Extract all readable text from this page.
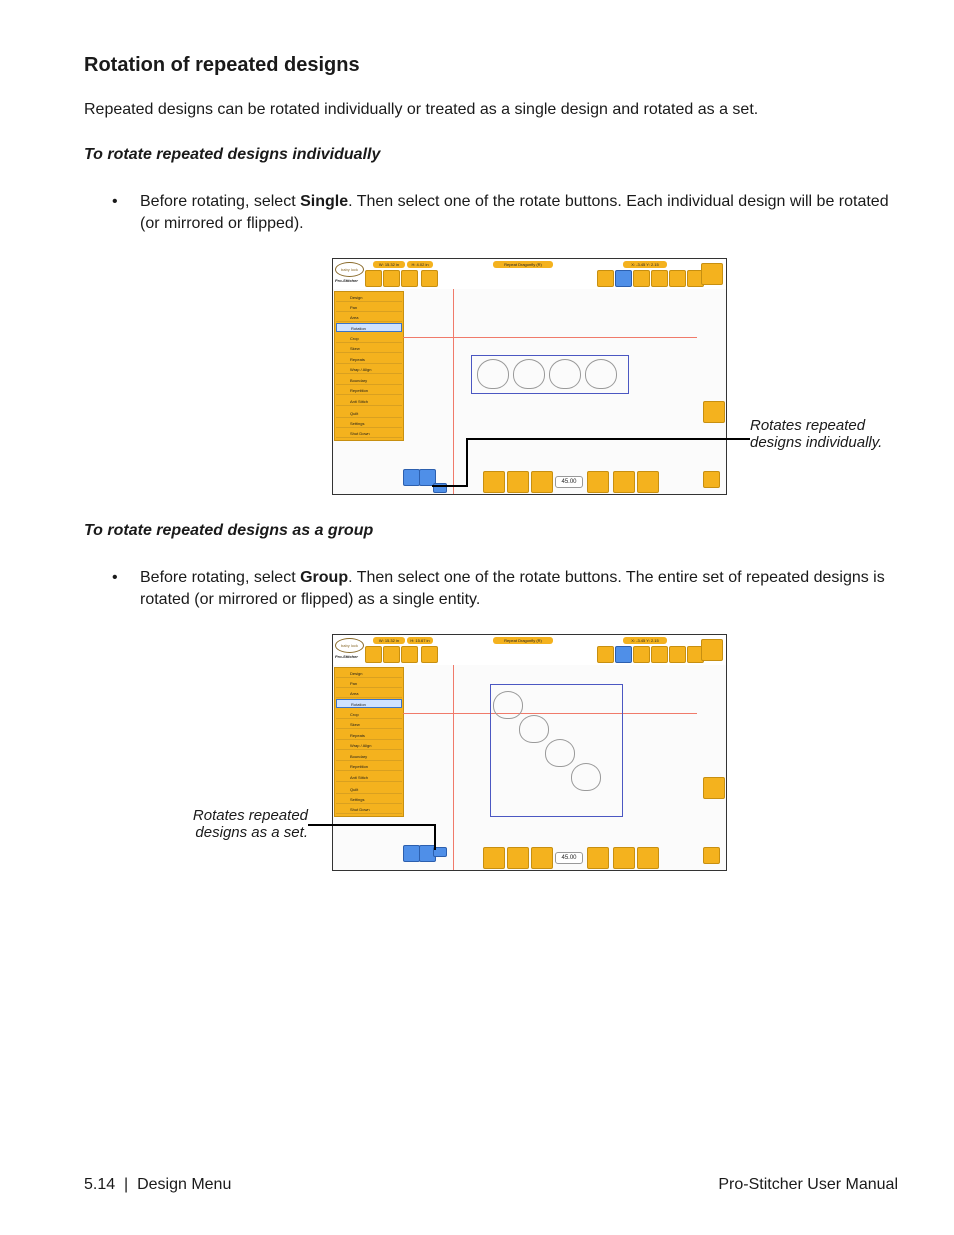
Rotation of repeated designs

Repeated designs can be rotated individually or treated as a single design and rotated as a set.

To rotate repeated designs individually

• Before rotating, select Single. Then select one of the rotate buttons. Each individual design will be rotated (or mirrored or flipped).
baby lock
Pro-Stitcher
W: 15.32 in	H: 4.02 in	Repeat Dragonfly (R)	X: -3.45 Y: 2.15
Design
Pan
Area
Rotation
Crop
Skew
Repeats
Wrap / Align
Boundary
Repetition
Anti Stitch
Quilt
Settings
Shut Down
45.00
Rotates repeated designs individually.

To rotate repeated designs as a group

• Before rotating, select Group. Then select one of the rotate buttons. The entire set of repeated designs is rotated (or mirrored or flipped) as a single entity.
baby lock
Pro-Stitcher
W: 15.32 in	H: 15.67 in	Repeat Dragonfly (R)	X: -3.45 Y: 2.15
Design
Pan
Area
Rotation
Crop
Skew
Repeats
Wrap / Align
Boundary
Repetition
Anti Stitch
Quilt
Settings
Shut Down
45.00
Rotates repeated designs as a set.
5.14  |  Design Menu	Pro-Stitcher User Manual
